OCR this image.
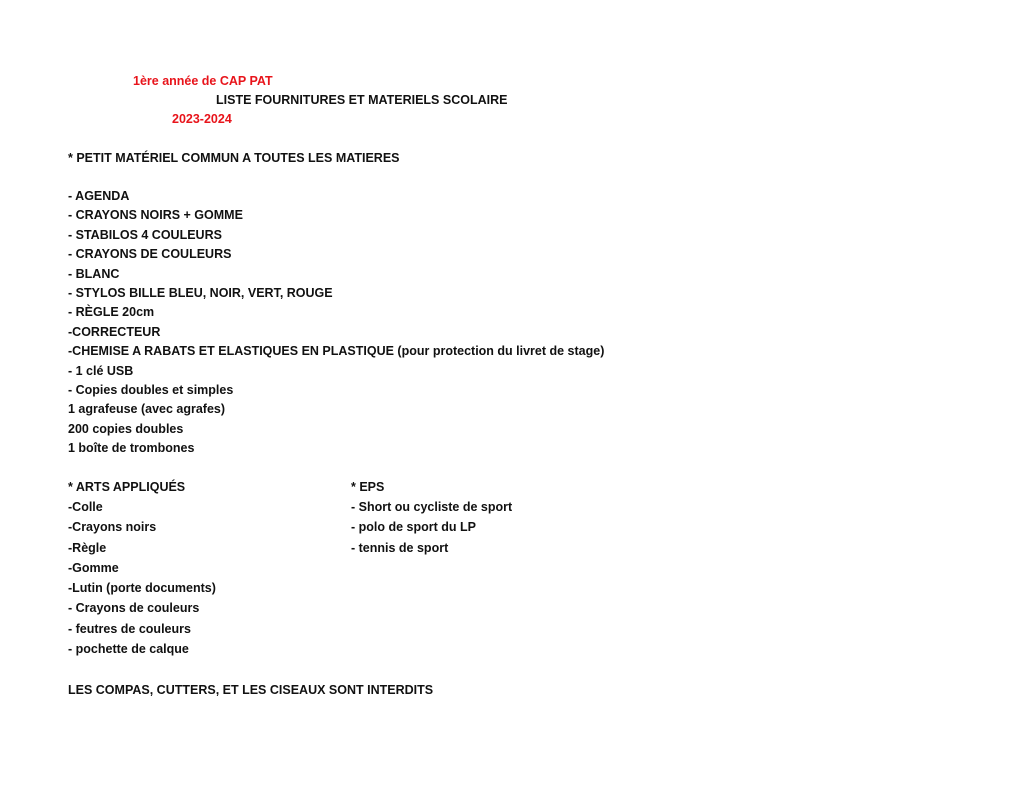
1ère année de CAP PAT
LISTE FOURNITURES ET MATERIELS SCOLAIRE
2023-2024
* PETIT MATÉRIEL COMMUN A TOUTES LES MATIERES
- AGENDA
- CRAYONS NOIRS + GOMME
- STABILOS 4 COULEURS
- CRAYONS DE COULEURS
- BLANC
- STYLOS BILLE BLEU, NOIR, VERT, ROUGE
- RÈGLE 20cm
-CORRECTEUR
-CHEMISE A RABATS ET ELASTIQUES EN PLASTIQUE (pour protection du livret de stage)
- 1 clé USB
- Copies doubles et simples
1 agrafeuse (avec agrafes)
200 copies doubles
1 boîte de trombones
* ARTS APPLIQUÉS
-Colle
-Crayons noirs
-Règle
-Gomme
-Lutin (porte documents)
- Crayons de couleurs
- feutres de couleurs
- pochette de calque
* EPS
- Short ou cycliste de sport
- polo de sport du LP
- tennis de sport
LES COMPAS, CUTTERS, ET LES CISEAUX SONT INTERDITS
